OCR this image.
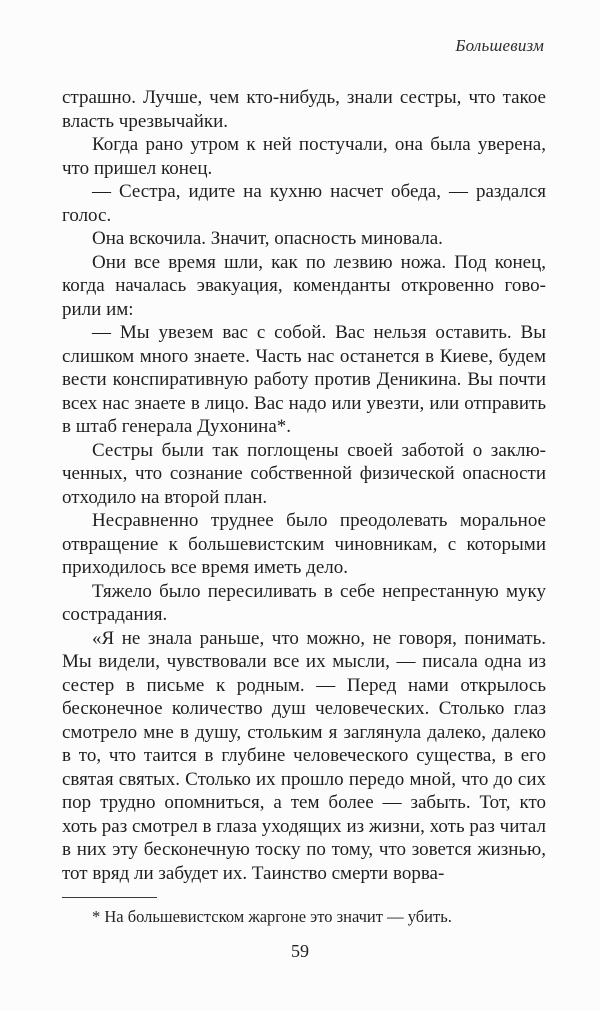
Большевизм

страшно. Лучше, чем кто-нибудь, знали сестры, что такое власть чрезвычайки.

Когда рано утром к ней постучали, она была уверена, что пришел конец.

— Сестра, идите на кухню насчет обеда, — раздался голос.

Она вскочила. Значит, опасность миновала.

Они все время шли, как по лезвию ножа. Под конец, когда началась эвакуация, коменданты откровенно говорили им:

— Мы увезем вас с собой. Вас нельзя оставить. Вы слишком много знаете. Часть нас останется в Киеве, будем вести конспиративную работу против Деникина. Вы почти всех нас знаете в лицо. Вас надо или увезти, или отправить в штаб генерала Духонина*.

Сестры были так поглощены своей заботой о заключенных, что сознание собственной физической опасности отходило на второй план.

Несравненно труднее было преодолевать моральное отвращение к большевистским чиновникам, с которыми приходилось все время иметь дело.

Тяжело было пересиливать в себе непрестанную муку сострадания.

«Я не знала раньше, что можно, не говоря, понимать. Мы видели, чувствовали все их мысли, — писала одна из сестер в письме к родным. — Перед нами открылось бесконечное количество душ человеческих. Столько глаз смотрело мне в душу, стольким я заглянула далеко, далеко в то, что таится в глубине человеческого существа, в его святая святых. Столько их прошло передо мной, что до сих пор трудно опомниться, а тем более — забыть. Тот, кто хоть раз смотрел в глаза уходящих из жизни, хоть раз читал в них эту бесконечную тоску по тому, что зовется жизнью, тот вряд ли забудет их. Таинство смерти ворва-

* На большевистском жаргоне это значит — убить.

59
